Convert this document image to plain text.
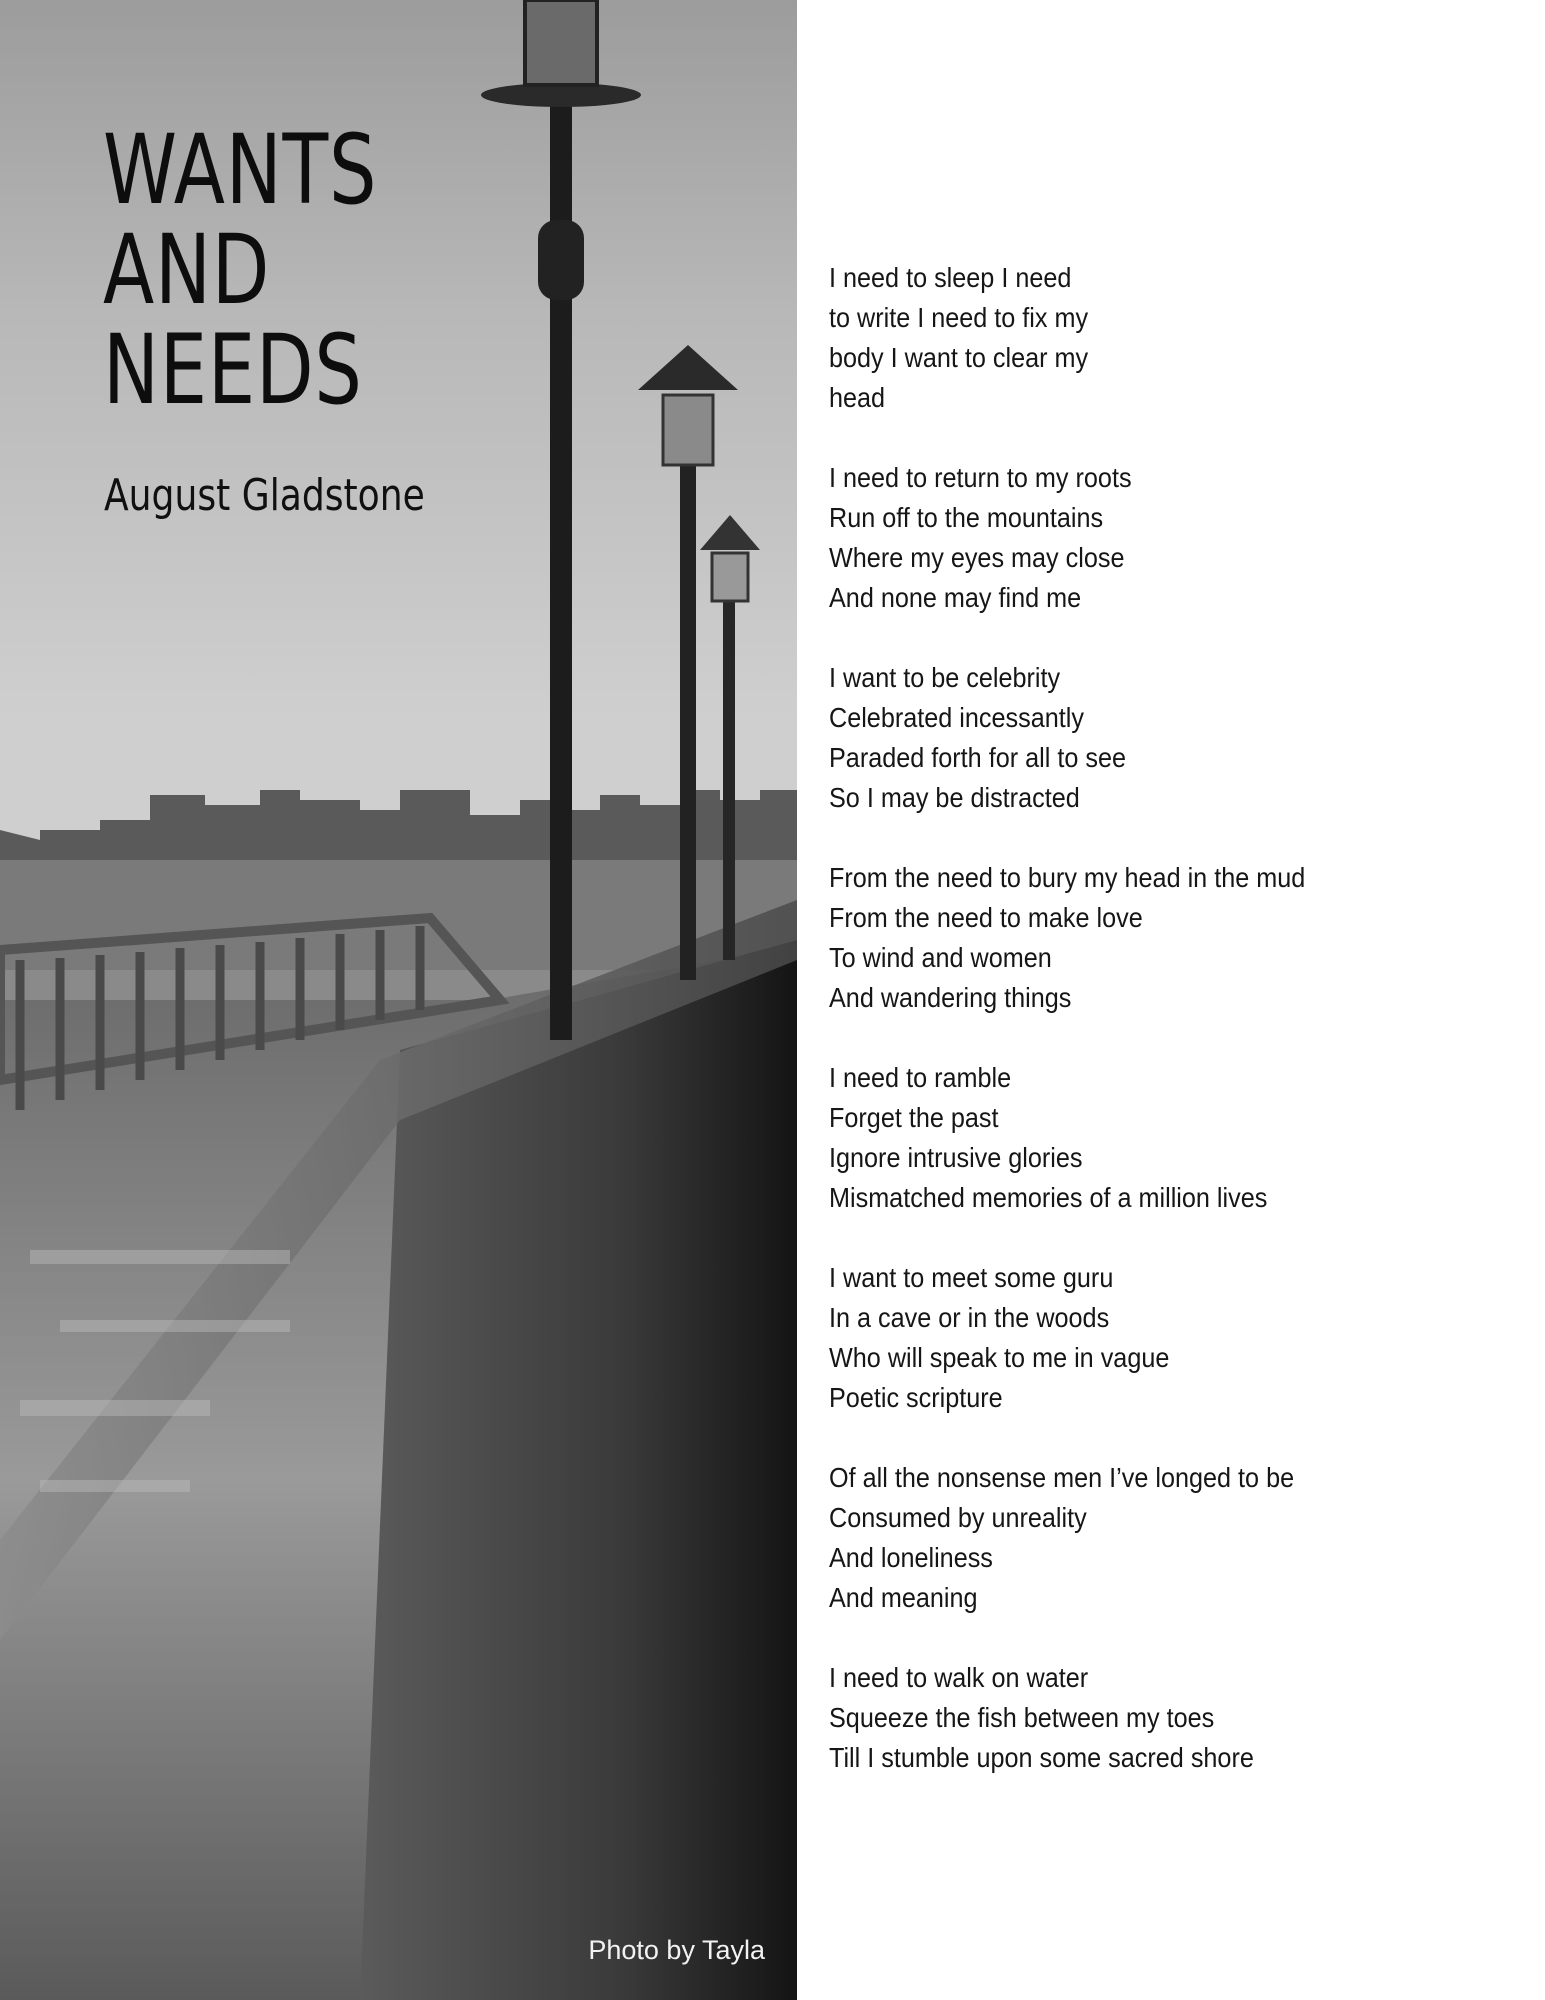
WANTS
AND
NEEDS
August Gladstone
Photo by Tayla
I need to sleep I need
to write I need to fix my
body I want to clear my
head
I need to return to my roots
Run off to the mountains
Where my eyes may close
And none may find me
I want to be celebrity
Celebrated incessantly
Paraded forth for all to see
So I may be distracted
From the need to bury my head in the mud
From the need to make love
To wind and women
And wandering things
I need to ramble
Forget the past
Ignore intrusive glories
Mismatched memories of a million lives
I want to meet some guru
In a cave or in the woods
Who will speak to me in vague
Poetic scripture
Of all the nonsense men I’ve longed to be
Consumed by unreality
And loneliness
And meaning
I need to walk on water
Squeeze the fish between my toes
Till I stumble upon some sacred shore
